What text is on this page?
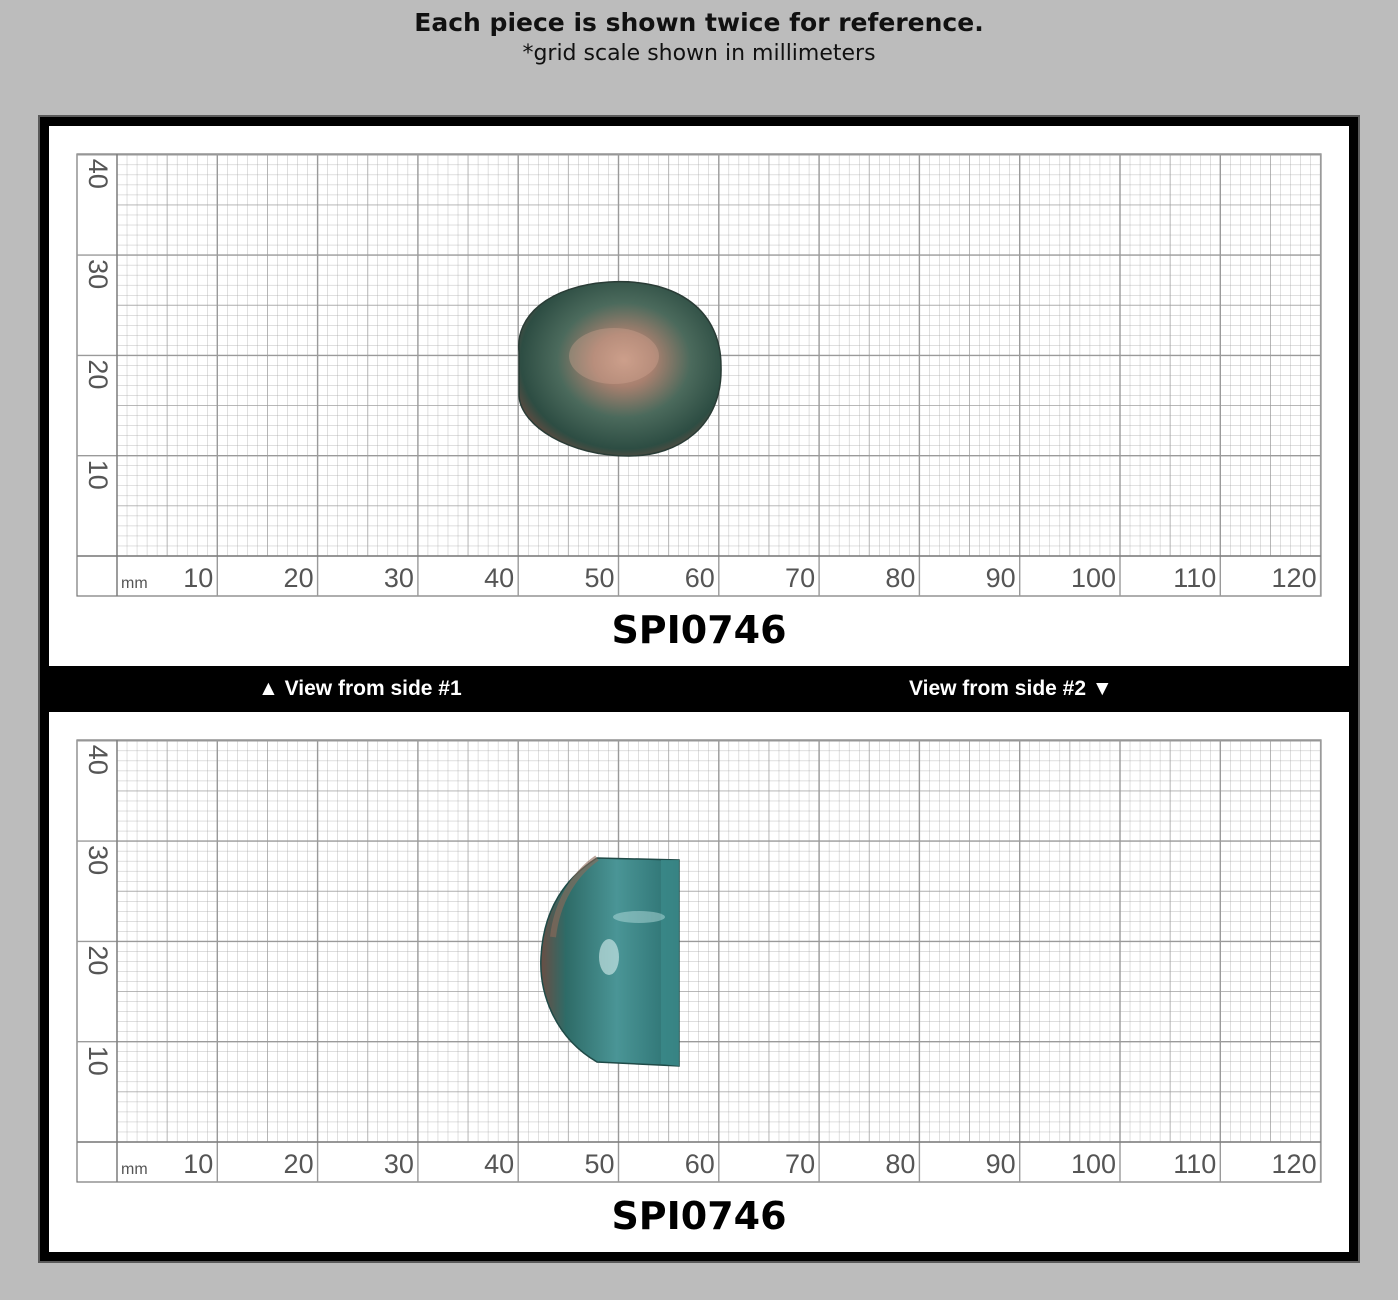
Each piece is shown twice for reference.
*grid scale shown in millimeters
10	20	30	40	50	60	70	80	90 100 110 120
mm
10
20
30
40
SPI0746
▲ View from side #1	View from side #2 ▼
10	20	30	40	50	60	70	80	90 100 110 120
mm
10
20
30
40
SPI0746
